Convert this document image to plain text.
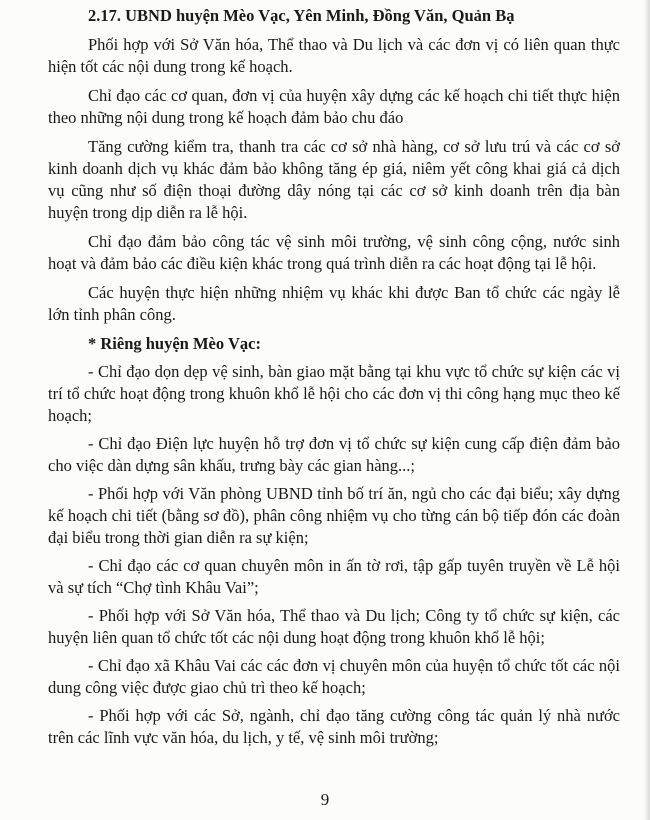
2.17. UBND huyện Mèo Vạc, Yên Minh, Đồng Văn, Quản Bạ

Phối hợp với Sở Văn hóa, Thể thao và Du lịch và các đơn vị có liên quan thực hiện tốt các nội dung trong kế hoạch.

Chỉ đạo các cơ quan, đơn vị của huyện xây dựng các kế hoạch chi tiết thực hiện theo những nội dung trong kế hoạch đảm bảo chu đáo

Tăng cường kiểm tra, thanh tra các cơ sở nhà hàng, cơ sở lưu trú và các cơ sở kinh doanh dịch vụ khác đảm bảo không tăng ép giá, niêm yết công khai giá cả dịch vụ cũng như số điện thoại đường dây nóng tại các cơ sở kinh doanh trên địa bàn huyện trong dịp diễn ra lễ hội.

Chỉ đạo đảm bảo công tác vệ sinh môi trường, vệ sinh công cộng, nước sinh hoạt và đảm bảo các điều kiện khác trong quá trình diễn ra các hoạt động tại lễ hội.

Các huyện thực hiện những nhiệm vụ khác khi được Ban tổ chức các ngày lễ lớn tỉnh phân công.

* Riêng huyện Mèo Vạc:

- Chỉ đạo dọn dẹp vệ sinh, bàn giao mặt bằng tại khu vực tổ chức sự kiện các vị trí tổ chức hoạt động trong khuôn khổ lễ hội cho các đơn vị thi công hạng mục theo kế hoạch;

- Chỉ đạo Điện lực huyện hỗ trợ đơn vị tổ chức sự kiện cung cấp điện đảm bảo cho việc dàn dựng sân khấu, trưng bày các gian hàng...;

- Phối hợp với Văn phòng UBND tỉnh bố trí ăn, ngủ cho các đại biểu; xây dựng kế hoạch chi tiết (bằng sơ đồ), phân công nhiệm vụ cho từng cán bộ tiếp đón các đoàn đại biểu trong thời gian diễn ra sự kiện;

- Chỉ đạo các cơ quan chuyên môn in ấn tờ rơi, tập gấp tuyên truyền về Lễ hội và sự tích “Chợ tình Khâu Vai”;

- Phối hợp với Sở Văn hóa, Thể thao và Du lịch; Công ty tổ chức sự kiện, các huyện liên quan tổ chức tốt các nội dung hoạt động trong khuôn khổ lễ hội;

- Chỉ đạo xã Khâu Vai các các đơn vị chuyên môn của huyện tổ chức tốt các nội dung công việc được giao chủ trì theo kế hoạch;

- Phối hợp với các Sở, ngành, chỉ đạo tăng cường công tác quản lý nhà nước trên các lĩnh vực văn hóa, du lịch, y tế, vệ sinh môi trường;

9
